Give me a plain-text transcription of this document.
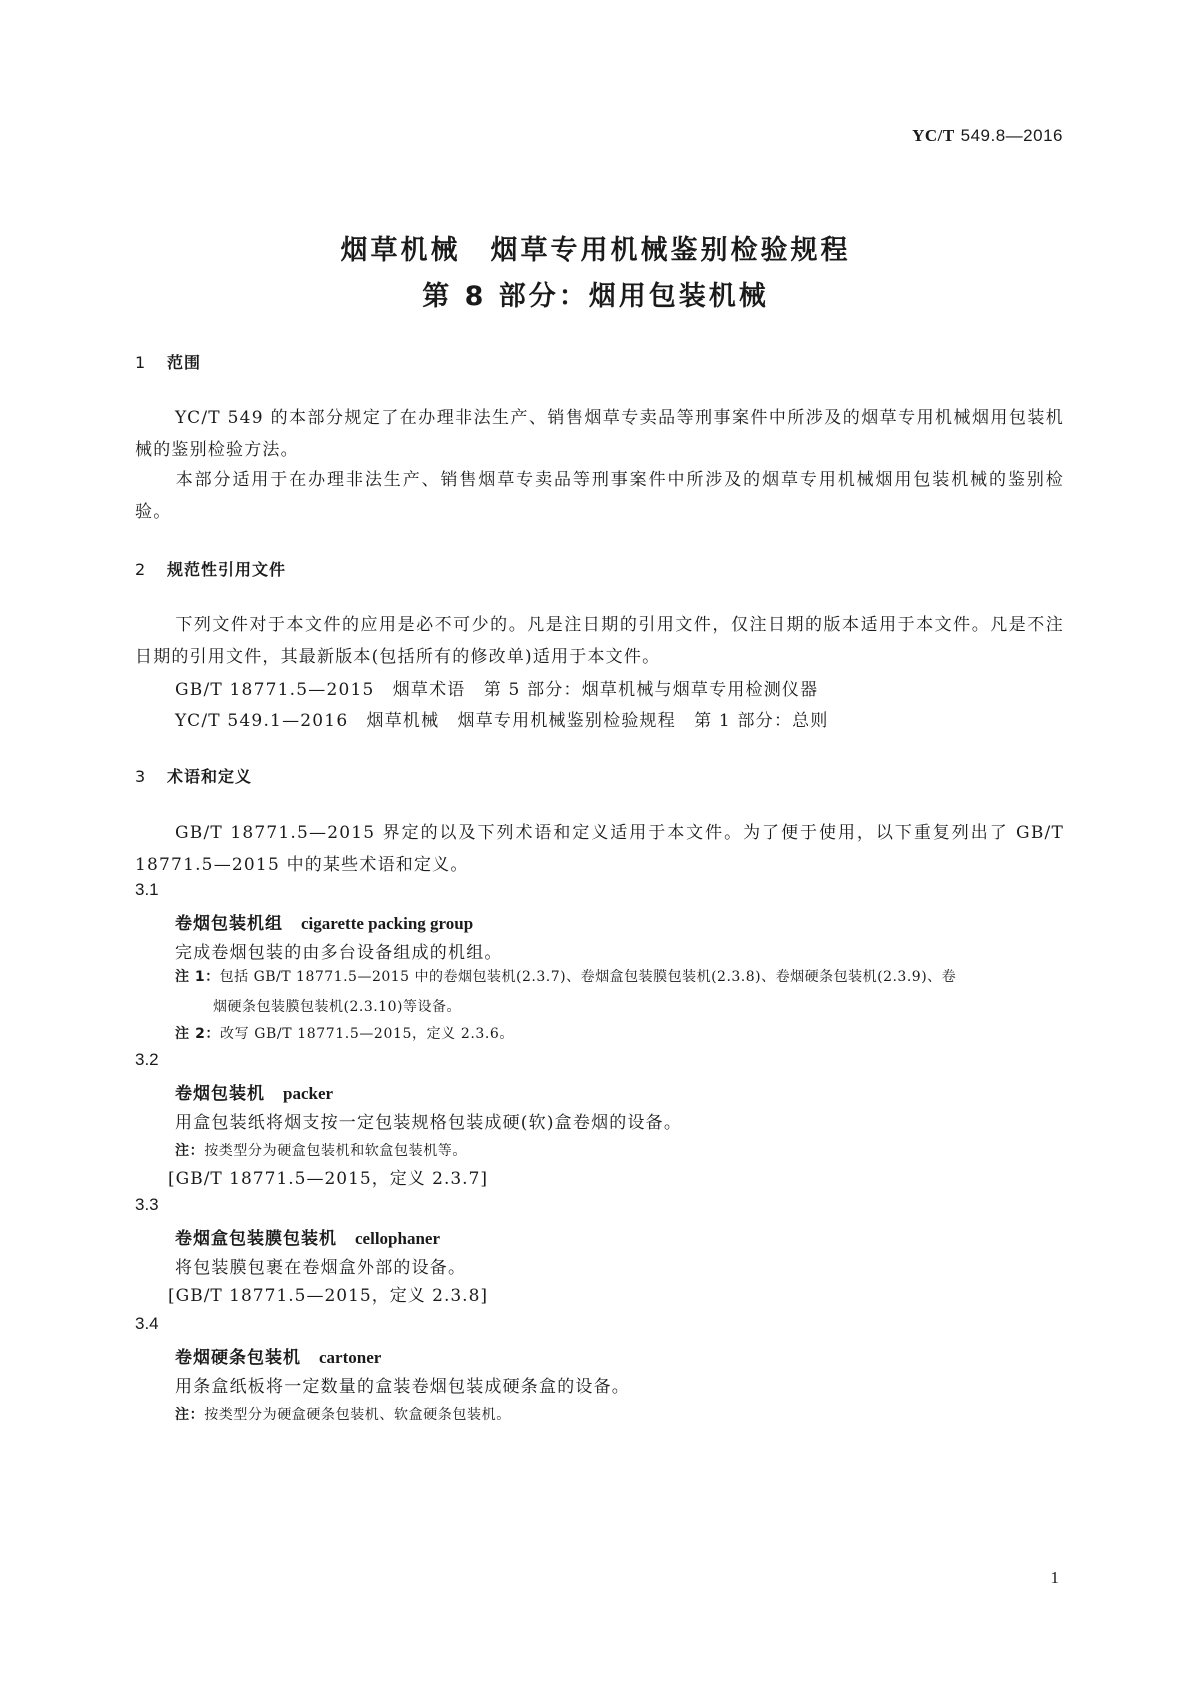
YC/T 549.8—2016
烟草机械　烟草专用机械鉴别检验规程
第 8 部分：烟用包装机械
1 范围
YC/T 549 的本部分规定了在办理非法生产、销售烟草专卖品等刑事案件中所涉及的烟草专用机械烟用包装机械的鉴别检验方法。
本部分适用于在办理非法生产、销售烟草专卖品等刑事案件中所涉及的烟草专用机械烟用包装机械的鉴别检验。
2 规范性引用文件
下列文件对于本文件的应用是必不可少的。凡是注日期的引用文件，仅注日期的版本适用于本文件。凡是不注日期的引用文件，其最新版本(包括所有的修改单)适用于本文件。
GB/T 18771.5—2015　烟草术语　第 5 部分：烟草机械与烟草专用检测仪器
YC/T 549.1—2016　烟草机械　烟草专用机械鉴别检验规程　第 1 部分：总则
3 术语和定义
GB/T 18771.5—2015 界定的以及下列术语和定义适用于本文件。为了便于使用，以下重复列出了 GB/T 18771.5—2015 中的某些术语和定义。
3.1
卷烟包装机组 cigarette packing group
完成卷烟包装的由多台设备组成的机组。
注 1：包括 GB/T 18771.5—2015 中的卷烟包装机(2.3.7)、卷烟盒包装膜包装机(2.3.8)、卷烟硬条包装机(2.3.9)、卷
烟硬条包装膜包装机(2.3.10)等设备。
注 2：改写 GB/T 18771.5—2015，定义 2.3.6。
3.2
卷烟包装机 packer
用盒包装纸将烟支按一定包装规格包装成硬(软)盒卷烟的设备。
注：按类型分为硬盒包装机和软盒包装机等。
[GB/T 18771.5—2015，定义 2.3.7]
3.3
卷烟盒包装膜包装机 cellophaner
将包装膜包裹在卷烟盒外部的设备。
[GB/T 18771.5—2015，定义 2.3.8]
3.4
卷烟硬条包装机 cartoner
用条盒纸板将一定数量的盒装卷烟包装成硬条盒的设备。
注：按类型分为硬盒硬条包装机、软盒硬条包装机。
1
